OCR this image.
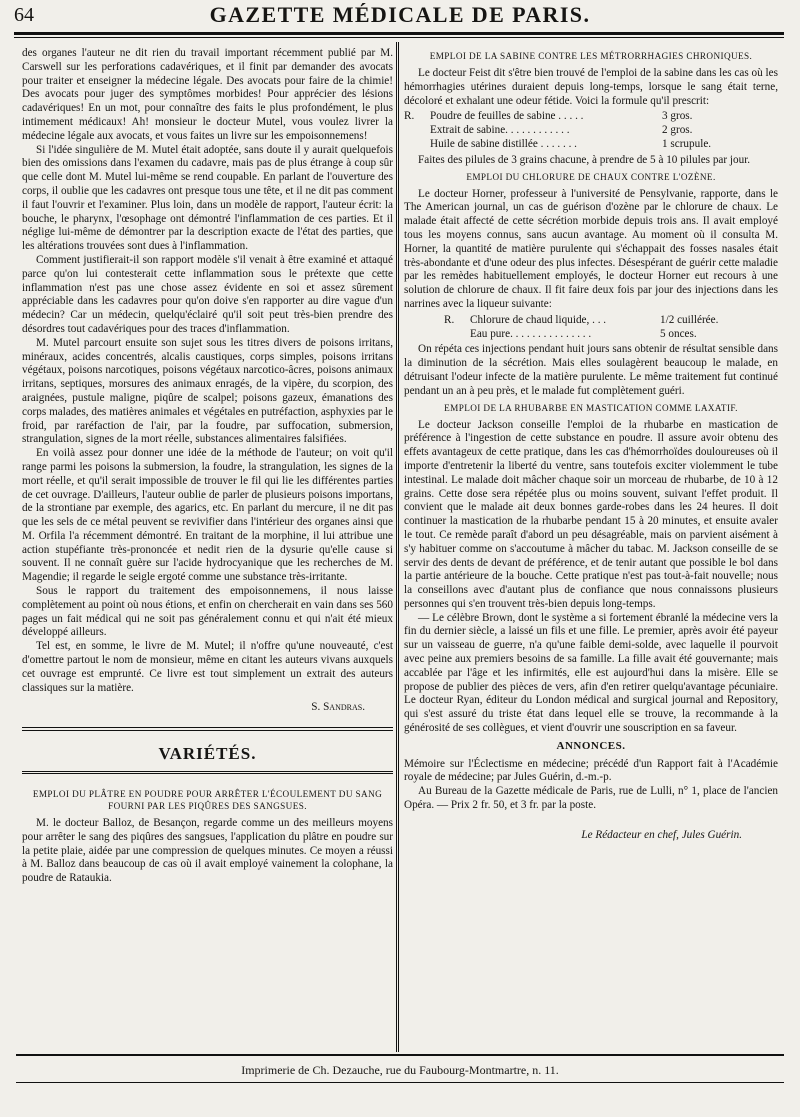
64	GAZETTE MÉDICALE DE PARIS.

des organes l'auteur ne dit rien du travail important récemment publié par M. Carswell sur les perforations cadavériques, et il finit par demander des avocats pour traiter et enseigner la médecine légale. Des avocats pour faire de la chimie! Des avocats pour juger des symptômes morbides! Pour apprécier des lésions cadavériques! En un mot, pour connaître des faits le plus profondément, le plus intimement médicaux! Ah! monsieur le docteur Mutel, vous voulez livrer la médecine légale aux avocats, et vous faites un livre sur les empoisonnemens!

Si l'idée singulière de M. Mutel était adoptée, sans doute il y aurait quelquefois bien des omissions dans l'examen du cadavre, mais pas de plus étrange à coup sûr que celle dont M. Mutel lui-même se rend coupable. En parlant de l'ouverture des corps, il oublie que les cadavres ont presque tous une tête, et il ne dit pas comment il faut l'ouvrir et l'examiner. Plus loin, dans un modèle de rapport, l'auteur écrit: la bouche, le pharynx, l'œsophage ont démontré l'inflammation de ces parties. Et il néglige lui-même de démontrer par la description exacte de l'état des parties, que les altérations trouvées sont dues à l'inflammation.

Comment justifierait-il son rapport modèle s'il venait à être examiné et attaqué parce qu'on lui contesterait cette inflammation sous le prétexte que cette inflammation n'est pas une chose assez évidente en soi et assez sûrement appréciable dans les cadavres pour qu'on doive s'en rapporter au dire vague d'un médecin? Car un médecin, quelqu'éclairé qu'il soit peut très-bien prendre des désordres tout cadavériques pour des traces d'inflammation.

M. Mutel parcourt ensuite son sujet sous les titres divers de poisons irritans, minéraux, acides concentrés, alcalis caustiques, corps simples, poisons irritans végétaux, poisons narcotiques, poisons végétaux narcotico-âcres, poisons animaux irritans, septiques, morsures des animaux enragés, de la vipère, du scorpion, des araignées, pustule maligne, piqûre de scalpel; poisons gazeux, émanations des corps malades, des matières animales et végétales en putréfaction, asphyxies par le froid, par raréfaction de l'air, par la foudre, par suffocation, submersion, strangulation, signes de la mort réelle, substances alimentaires falsifiées.

En voilà assez pour donner une idée de la méthode de l'auteur; on voit qu'il range parmi les poisons la submersion, la foudre, la strangulation, les signes de la mort réelle, et qu'il serait impossible de trouver le fil qui lie les différentes parties de cet ouvrage. D'ailleurs, l'auteur oublie de parler de plusieurs poisons importans, de la strontiane par exemple, des agarics, etc. En parlant du mercure, il ne dit pas que les sels de ce métal peuvent se revivifier dans l'intérieur des organes ainsi que M. Orfila l'a récemment démontré. En traitant de la morphine, il lui attribue une action stupéfiante très-prononcée et nedit rien de la dysurie qu'elle cause si souvent. Il ne connaît guère sur l'acide hydrocyanique que les recherches de M. Magendie; il regarde le seigle ergoté comme une substance très-irritante.

Sous le rapport du traitement des empoisonnemens, il nous laisse complètement au point où nous étions, et enfin on chercherait en vain dans ses 560 pages un fait médical qui ne soit pas généralement connu et qui n'ait été mieux développé ailleurs.

Tel est, en somme, le livre de M. Mutel; il n'offre qu'une nouveauté, c'est d'omettre partout le nom de monsieur, même en citant les auteurs vivans auxquels cet ouvrage est emprunté. Ce livre est tout simplement un extrait des auteurs classiques sur la matière.

S. Sandras.
VARIÉTÉS.
EMPLOI DU PLÂTRE EN POUDRE POUR ARRÊTER L'ÉCOULEMENT DU SANG FOURNI PAR LES PIQÛRES DES SANGSUES.

M. le docteur Balloz, de Besançon, regarde comme un des meilleurs moyens pour arrêter le sang des piqûres des sangsues, l'application du plâtre en poudre sur la petite plaie, aidée par une compression de quelques minutes. Ce moyen a réussi à M. Balloz dans beaucoup de cas où il avait employé vainement la colophane, la poudre de Rataukia.

EMPLOI DE LA SABINE CONTRE LES MÉTRORRHAGIES CHRONIQUES.

Le docteur Feist dit s'être bien trouvé de l'emploi de la sabine dans les cas où les hémorrhagies utérines duraient depuis long-temps, lorsque le sang était terne, décoloré et exhalant une odeur fétide. Voici la formule qu'il prescrit:

R.	Poudre de feuilles de sabine . . . . .	3 gros.
Extrait de sabine. . . . . . . . . . . .	2 gros.
Huile de sabine distillée . . . . . . .	1 scrupule.

Faites des pilules de 3 grains chacune, à prendre de 5 à 10 pilules par jour.

EMPLOI DU CHLORURE DE CHAUX CONTRE L'OZÈNE.

Le docteur Horner, professeur à l'université de Pensylvanie, rapporte, dans le The American journal, un cas de guérison d'ozène par le chlorure de chaux. Le malade était affecté de cette sécrétion morbide depuis trois ans. Il avait employé tous les moyens connus, sans aucun avantage. Au moment où il consulta M. Horner, la quantité de matière purulente qui s'échappait des fosses nasales était très-abondante et d'une odeur des plus infectes. Désespérant de guérir cette maladie par les remèdes habituellement employés, le docteur Horner eut recours à une solution de chlorure de chaux. Il fit faire deux fois par jour des injections dans les narrines avec la liqueur suivante:

R.	Chlorure de chaud liquide, . . .	1/2 cuillérée.
Eau pure. . . . . . . . . . . . . . .	5 onces.

On répéta ces injections pendant huit jours sans obtenir de résultat sensible dans la diminution de la sécrétion. Mais elles soulagèrent beaucoup le malade, en détruisant l'odeur infecte de la matière purulente. Le même traitement fut continué pendant un an à peu près, et le malade fut complètement guéri.

EMPLOI DE LA RHUBARBE EN MASTICATION COMME LAXATIF.

Le docteur Jackson conseille l'emploi de la rhubarbe en mastication de préférence à l'ingestion de cette substance en poudre. Il assure avoir obtenu des effets avantageux de cette pratique, dans les cas d'hémorrhoïdes douloureuses où il importe d'entretenir la liberté du ventre, sans toutefois exciter violemment le tube intestinal. Le malade doit mâcher chaque soir un morceau de rhubarbe, de 10 à 12 grains. Cette dose sera répétée plus ou moins souvent, suivant l'effet produit. Il convient que le malade ait deux bonnes garde-robes dans les 24 heures. Il doit continuer la mastication de la rhubarbe pendant 15 à 20 minutes, et ensuite avaler le tout. Ce remède paraît d'abord un peu désagréable, mais on parvient aisément à s'y habituer comme on s'accoutume à mâcher du tabac. M. Jackson conseille de se servir des dents de devant de préférence, et de tenir autant que possible le bol dans la partie antérieure de la bouche. Cette pratique n'est pas tout-à-fait nouvelle; nous la conseillons avec d'autant plus de confiance que nous connaissons plusieurs personnes qui s'en trouvent très-bien depuis long-temps.

— Le célèbre Brown, dont le système a si fortement ébranlé la médecine vers la fin du dernier siècle, a laissé un fils et une fille. Le premier, après avoir été payeur sur un vaisseau de guerre, n'a qu'une faible demi-solde, avec laquelle il pourvoit avec peine aux premiers besoins de sa famille. La fille avait été gouvernante; mais accablée par l'âge et les infirmités, elle est aujourd'hui dans la misère. Elle se propose de publier des pièces de vers, afin d'en retirer quelqu'avantage pécuniaire. Le docteur Ryan, éditeur du London médical and surgical journal and Repository, qui s'est assuré du triste état dans lequel elle se trouve, la recommande à la générosité de ses collègues, et vient d'ouvrir une souscription en sa faveur.

ANNONCES.

Mémoire sur l'Éclectisme en médecine; précédé d'un Rapport fait à l'Académie royale de médecine; par Jules Guérin, d.-m.-p.

Au Bureau de la Gazette médicale de Paris, rue de Lulli, n° 1, place de l'ancien Opéra. — Prix 2 fr. 50, et 3 fr. par la poste.

Le Rédacteur en chef, Jules Guérin.
Imprimerie de Ch. Dezauche, rue du Faubourg-Montmartre, n. 11.
